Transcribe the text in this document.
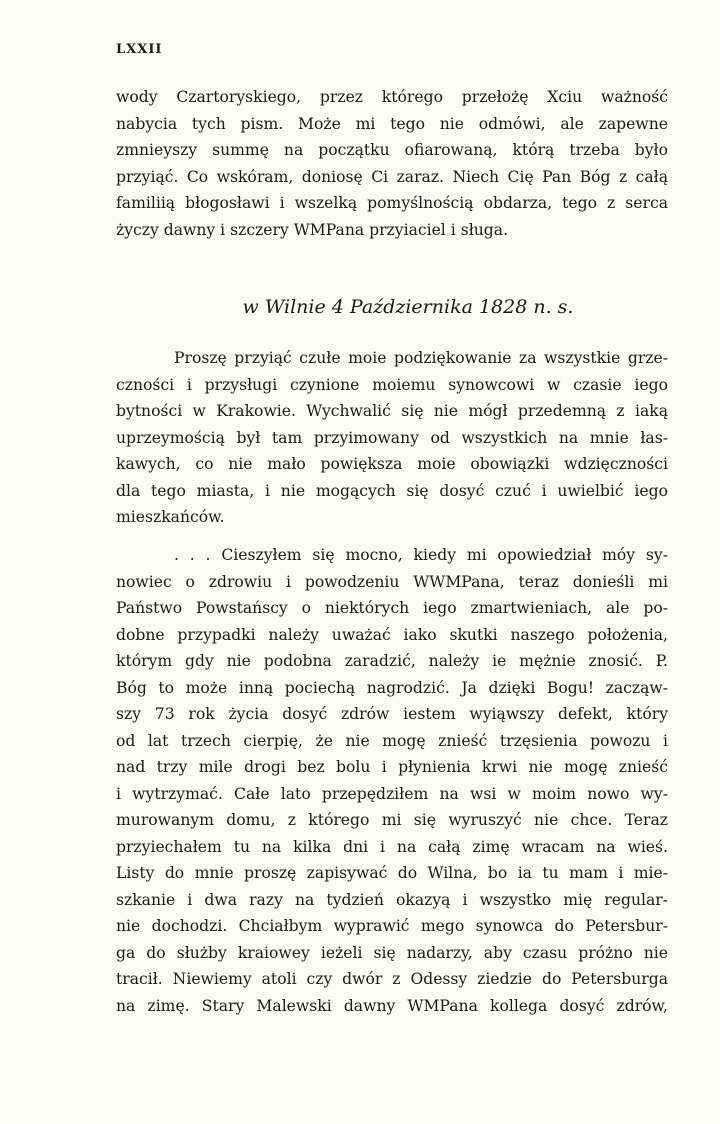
LXXII
wody Czartoryskiego, przez którego przełożę Xciu ważność
nabycia tych pism. Może mi tego nie odmówi, ale zapewne
zmnieyszy summę na początku ofiarowaną, którą trzeba było
przyiąć. Co wskóram, doniosę Ci zaraz. Niech Cię Pan Bóg z całą
familiią błogosławi i wszelką pomyślnością obdarza, tego z serca
życzy dawny i szczery WMPana przyiaciel i sługa.
w Wilnie 4 Października 1828 n. s.
Proszę przyiąć czułe moie podziękowanie za wszystkie grze-
czności i przysługi czynione moiemu synowcowi w czasie iego
bytności w Krakowie. Wychwalić się nie mógł przedemną z iaką
uprzeymością był tam przyimowany od wszystkich na mnie łas-
kawych, co nie mało powiększa moie obowiązki wdzięczności
dla tego miasta, i nie mogących się dosyć czuć i uwielbić iego
mieszkańców.
. . . Cieszyłem się mocno, kiedy mi opowiedział móy sy-
nowiec o zdrowiu i powodzeniu WWMPana, teraz donieśli mi
Państwo Powstańscy o niektórych iego zmartwieniach, ale po-
dobne przypadki należy uważać iako skutki naszego położenia,
którym gdy nie podobna zaradzić, należy ie mężnie znosić. P.
Bóg to może inną pociechą nagrodzić. Ja dzięki Bogu! zacząw-
szy 73 rok życia dosyć zdrów iestem wyiąwszy defekt, który
od lat trzech cierpię, że nie mogę znieść trzęsienia powozu i
nad trzy mile drogi bez bolu i płynienia krwi nie mogę znieść
i wytrzymać. Całe lato przepędziłem na wsi w moim nowo wy-
murowanym domu, z którego mi się wyruszyć nie chce. Teraz
przyiechałem tu na kilka dni i na całą zimę wracam na wieś.
Listy do mnie proszę zapisywać do Wilna, bo ia tu mam i mie-
szkanie i dwa razy na tydzień okazyą i wszystko mię regular-
nie dochodzi. Chciałbym wyprawić mego synowca do Petersbur-
ga do służby kraiowey ieżeli się nadarzy, aby czasu próżno nie
tracił. Niewiemy atoli czy dwór z Odessy ziedzie do Petersburga
na zimę. Stary Malewski dawny WMPana kollega dosyć zdrów,
